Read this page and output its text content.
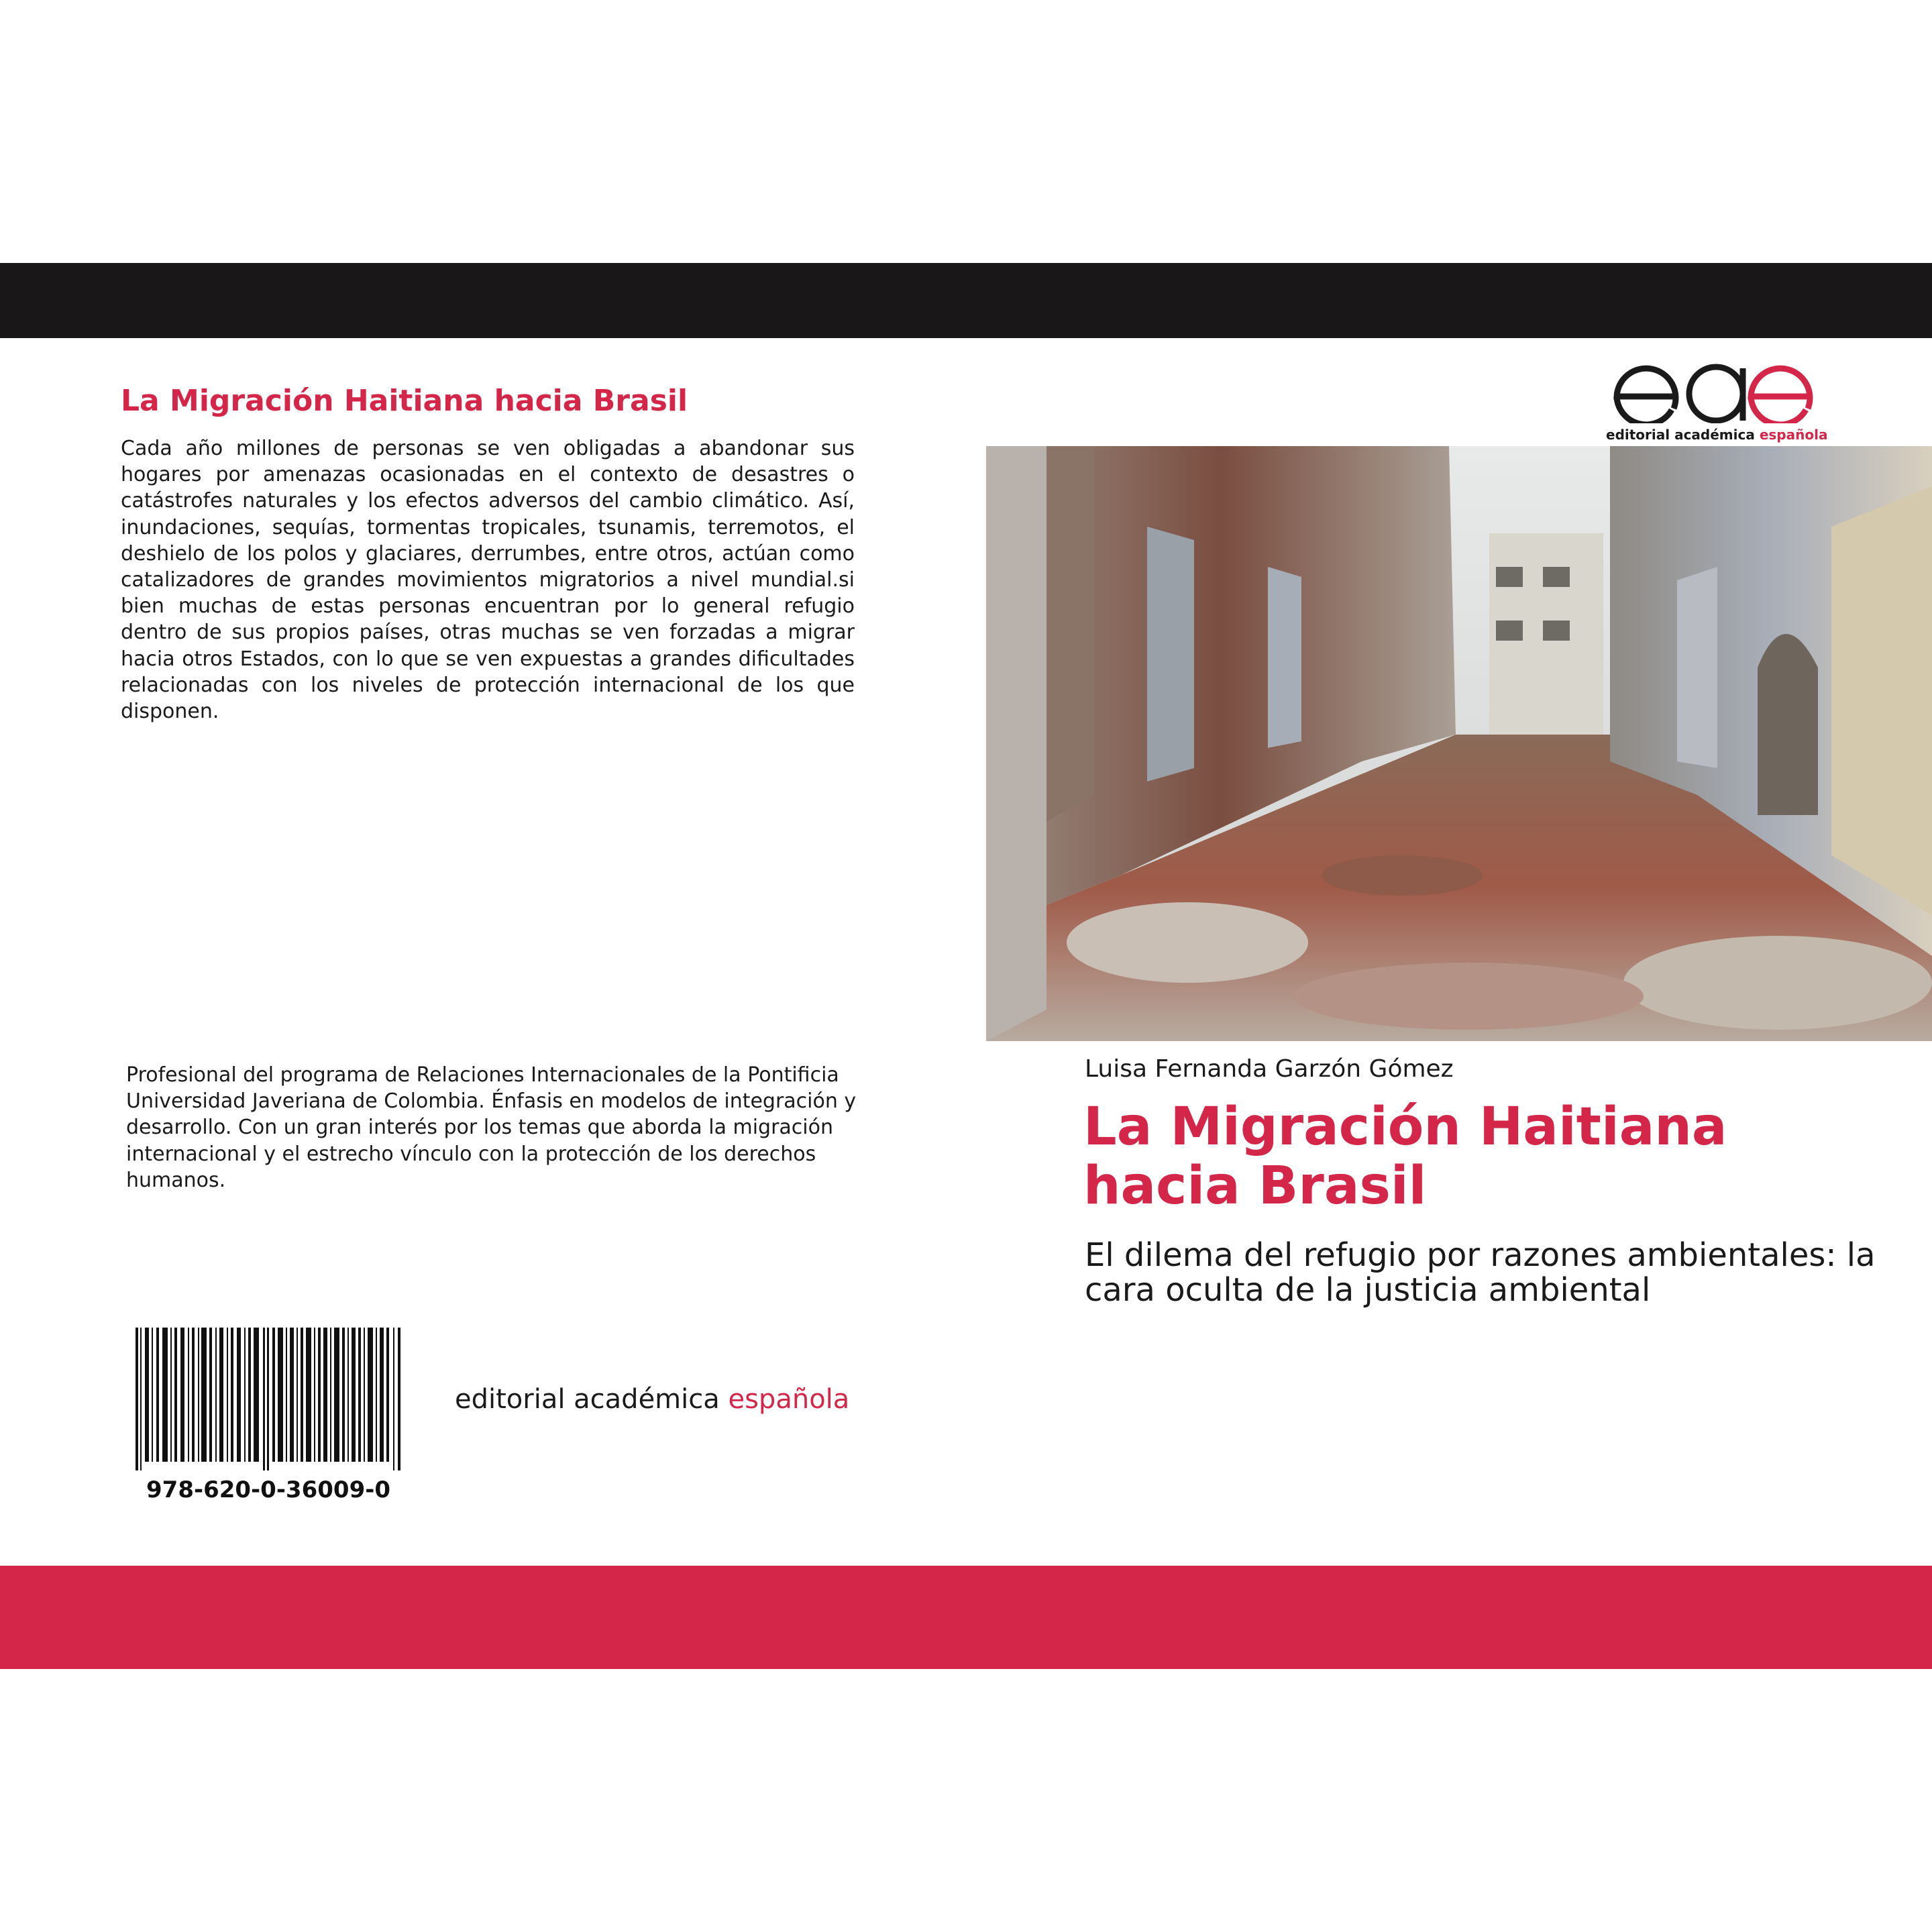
La Migración Haitiana hacia Brasil

Cada año millones de personas se ven obligadas a abandonar sus hogares por amenazas ocasionadas en el contexto de desastres o catástrofes naturales y los efectos adversos del cambio climático. Así, inundaciones, sequías, tormentas tropicales, tsunamis, terremotos, el deshielo de los polos y glaciares, derrumbes, entre otros, actúan como catalizadores de grandes movimientos migratorios a nivel mundial.si bien muchas de estas personas encuentran por lo general refugio dentro de sus propios países, otras muchas se ven forzadas a migrar hacia otros Estados, con lo que se ven expuestas a grandes dificultades relacionadas con los niveles de protección internacional de los que disponen.

editorial académica española

Profesional del programa de Relaciones Internacionales de la Pontificia Universidad Javeriana de Colombia. Énfasis en modelos de integración y desarrollo. Con un gran interés por los temas que aborda la migración internacional y el estrecho vínculo con la protección de los derechos humanos.

978-620-0-36009-0

editorial académica española

Luisa Fernanda Garzón Gómez

La Migración Haitiana hacia Brasil

El dilema del refugio por razones ambientales: la cara oculta de la justicia ambiental
